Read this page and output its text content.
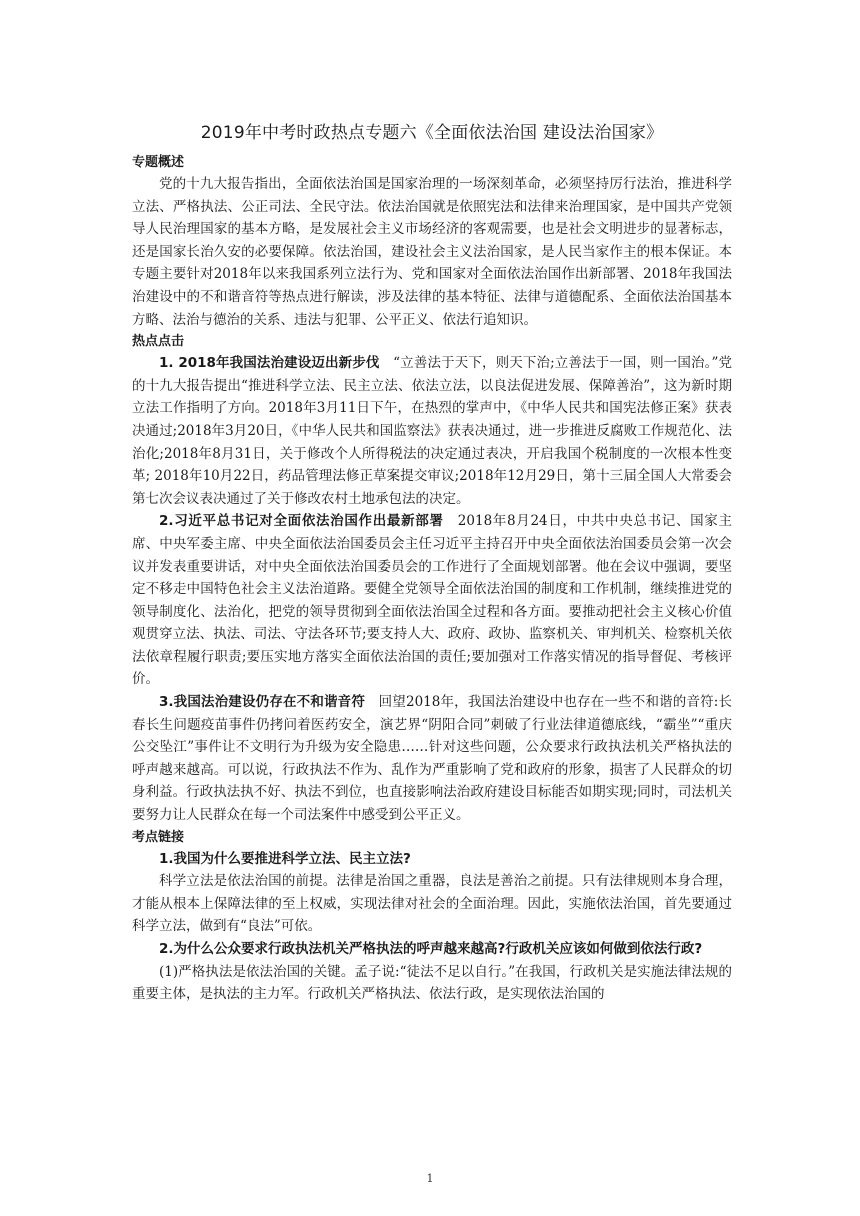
2019年中考时政热点专题六《全面依法治国 建设法治国家》
专题概述

党的十九大报告指出，全面依法治国是国家治理的一场深刻革命，必须坚持厉行法治，推进科学立法、严格执法、公正司法、全民守法。依法治国就是依照宪法和法律来治理国家，是中国共产党领导人民治理国家的基本方略，是发展社会主义市场经济的客观需要，也是社会文明进步的显著标志，还是国家长治久安的必要保障。依法治国，建设社会主义法治国家，是人民当家作主的根本保证。本专题主要针对2018年以来我国系列立法行为、党和国家对全面依法治国作出新部署、2018年我国法治建设中的不和谐音符等热点进行解读，涉及法律的基本特征、法律与道德配系、全面依法治国基本方略、法治与德治的关系、违法与犯罪、公平正义、依法行追知识。

热点点击

1. 2018年我国法治建设迈出新步伐　“立善法于天下，则天下治;立善法于一国，则一国治。”党的十九大报告提出“推进科学立法、民主立法、依法立法，以良法促进发展、保障善治”，这为新时期立法工作指明了方向。2018年3月11日下午，在热烈的掌声中，《中华人民共和国宪法修正案》获表决通过;2018年3月20日，《中华人民共和国监察法》获表决通过，进一步推进反腐败工作规范化、法治化;2018年8月31日，关于修改个人所得税法的决定通过表决，开启我国个税制度的一次根本性变革; 2018年10月22日，药品管理法修正草案提交审议;2018年12月29日，第十三届全国人大常委会第七次会议表决通过了关于修改农村土地承包法的决定。

2.习近平总书记对全面依法治国作出最新部署　2018年8月24日，中共中央总书记、国家主席、中央军委主席、中央全面依法治国委员会主任习近平主持召开中央全面依法治国委员会第一次会议并发表重要讲话，对中央全面依法治国委员会的工作进行了全面规划部署。他在会议中强调，要坚定不移走中国特色社会主义法治道路。要健全党领导全面依法治国的制度和工作机制，继续推进党的领导制度化、法治化，把党的领导贯彻到全面依法治国全过程和各方面。要推动把社会主义核心价值观贯穿立法、执法、司法、守法各环节;要支持人大、政府、政协、监察机关、审判机关、检察机关依法依章程履行职责;要压实地方落实全面依法治国的责任;要加强对工作落实情况的指导督促、考核评价。

3.我国法治建设仍存在不和谐音符　回望2018年，我国法治建设中也存在一些不和谐的音符:长春长生问题疫苗事件仍拷问着医药安全，演艺界“阴阳合同”刺破了行业法律道德底线，“霸坐”“重庆公交坠江”事件让不文明行为升级为安全隐患……针对这些问题，公众要求行政执法机关严格执法的呼声越来越高。可以说，行政执法不作为、乱作为严重影响了党和政府的形象，损害了人民群众的切身利益。行政执法执不好、执法不到位，也直接影响法治政府建设目标能否如期实现;同时，司法机关要努力让人民群众在每一个司法案件中感受到公平正义。

考点链接

1.我国为什么要推进科学立法、民主立法?

科学立法是依法治国的前提。法律是治国之重器，良法是善治之前提。只有法律规则本身合理，才能从根本上保障法律的至上权威，实现法律对社会的全面治理。因此，实施依法治国，首先要通过科学立法，做到有“良法”可依。

2.为什么公众要求行政执法机关严格执法的呼声越来越高?行政机关应该如何做到依法行政?

(1)严格执法是依法治国的关键。孟子说:“徒法不足以自行。”在我国，行政机关是实施法律法规的重要主体，是执法的主力军。行政机关严格执法、依法行政，是实现依法治国的

1
